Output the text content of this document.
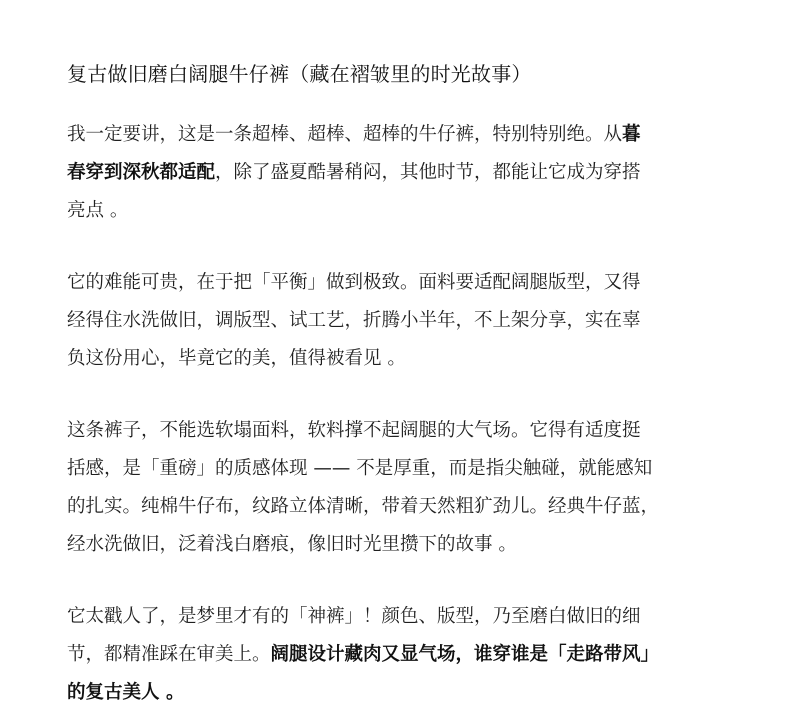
复古做旧磨白阔腿牛仔裤（藏在褶皱里的时光故事）

我一定要讲，这是一条超棒、超棒、超棒的牛仔裤，特别特别绝。从暮
春穿到深秋都适配，除了盛夏酷暑稍闷，其他时节，都能让它成为穿搭
亮点 。

它的难能可贵，在于把「平衡」做到极致。面料要适配阔腿版型，又得
经得住水洗做旧，调版型、试工艺，折腾小半年，不上架分享，实在辜
负这份用心，毕竟它的美，值得被看见 。

这条裤子，不能选软塌面料，软料撑不起阔腿的大气场。它得有适度挺
括感，是「重磅」的质感体现 —— 不是厚重，而是指尖触碰，就能感知
的扎实。纯棉牛仔布，纹路立体清晰，带着天然粗犷劲儿。经典牛仔蓝，
经水洗做旧，泛着浅白磨痕，像旧时光里攒下的故事 。

它太戳人了，是梦里才有的「神裤」！颜色、版型，乃至磨白做旧的细
节，都精准踩在审美上。阔腿设计藏肉又显气场，谁穿谁是「走路带风」
的复古美人 。
